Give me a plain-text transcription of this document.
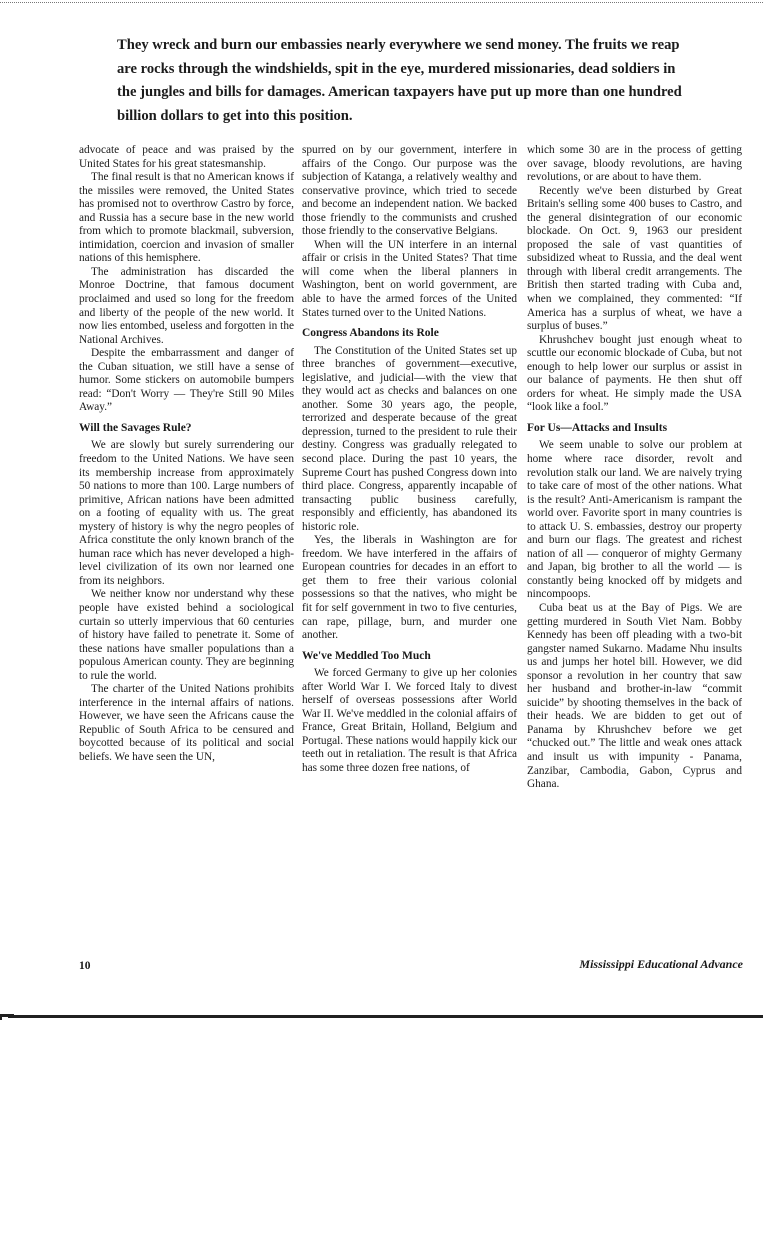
They wreck and burn our embassies nearly everywhere we send money. The fruits we reap are rocks through the windshields, spit in the eye, murdered missionaries, dead soldiers in the jungles and bills for damages. American taxpayers have put up more than one hundred billion dollars to get into this position.

advocate of peace and was praised by the United States for his great statesmanship.

The final result is that no American knows if the missiles were removed, the United States has promised not to overthrow Castro by force, and Russia has a secure base in the new world from which to promote blackmail, subversion, intimidation, coercion and invasion of smaller nations of this hemisphere.

The administration has discarded the Monroe Doctrine, that famous document proclaimed and used so long for the freedom and liberty of the people of the new world. It now lies entombed, useless and forgotten in the National Archives.

Despite the embarrassment and danger of the Cuban situation, we still have a sense of humor. Some stickers on automobile bumpers read: “Don't Worry — They're Still 90 Miles Away.”

Will the Savages Rule?

We are slowly but surely surrendering our freedom to the United Nations. We have seen its membership increase from approximately 50 nations to more than 100. Large numbers of primitive, African nations have been admitted on a footing of equality with us. The great mystery of history is why the negro peoples of Africa constitute the only known branch of the human race which has never developed a high-level civilization of its own nor learned one from its neighbors.

We neither know nor understand why these people have existed behind a sociological curtain so utterly impervious that 60 centuries of history have failed to penetrate it. Some of these nations have smaller populations than a populous American county. They are beginning to rule the world.

The charter of the United Nations prohibits interference in the internal affairs of nations. However, we have seen the Africans cause the Republic of South Africa to be censured and boycotted because of its political and social beliefs. We have seen the UN,

spurred on by our government, interfere in affairs of the Congo. Our purpose was the subjection of Katanga, a relatively wealthy and conservative province, which tried to secede and become an independent nation. We backed those friendly to the communists and crushed those friendly to the conservative Belgians.

When will the UN interfere in an internal affair or crisis in the United States? That time will come when the liberal planners in Washington, bent on world government, are able to have the armed forces of the United States turned over to the United Nations.

Congress Abandons its Role

The Constitution of the United States set up three branches of government—executive, legislative, and judicial—with the view that they would act as checks and balances on one another. Some 30 years ago, the people, terrorized and desperate because of the great depression, turned to the president to rule their destiny. Congress was gradually relegated to second place. During the past 10 years, the Supreme Court has pushed Congress down into third place. Congress, apparently incapable of transacting public business carefully, responsibly and efficiently, has abandoned its historic role.

Yes, the liberals in Washington are for freedom. We have interfered in the affairs of European countries for decades in an effort to get them to free their various colonial possessions so that the natives, who might be fit for self government in two to five centuries, can rape, pillage, burn, and murder one another.

We've Meddled Too Much

We forced Germany to give up her colonies after World War I. We forced Italy to divest herself of overseas possessions after World War II. We've meddled in the colonial affairs of France, Great Britain, Holland, Belgium and Portugal. These nations would happily kick our teeth out in retaliation. The result is that Africa has some three dozen free nations, of

which some 30 are in the process of getting over savage, bloody revolutions, are having revolutions, or are about to have them.

Recently we've been disturbed by Great Britain's selling some 400 buses to Castro, and the general disintegration of our economic blockade. On Oct. 9, 1963 our president proposed the sale of vast quantities of subsidized wheat to Russia, and the deal went through with liberal credit arrangements. The British then started trading with Cuba and, when we complained, they commented: “If America has a surplus of wheat, we have a surplus of buses.”

Khrushchev bought just enough wheat to scuttle our economic blockade of Cuba, but not enough to help lower our surplus or assist in our balance of payments. He then shut off orders for wheat. He simply made the USA “look like a fool.”

For Us—Attacks and Insults

We seem unable to solve our problem at home where race disorder, revolt and revolution stalk our land. We are naively trying to take care of most of the other nations. What is the result? Anti-Americanism is rampant the world over. Favorite sport in many countries is to attack U. S. embassies, destroy our property and burn our flags. The greatest and richest nation of all — conqueror of mighty Germany and Japan, big brother to all the world — is constantly being knocked off by midgets and nincompoops.

Cuba beat us at the Bay of Pigs. We are getting murdered in South Viet Nam. Bobby Kennedy has been off pleading with a two-bit gangster named Sukarno. Madame Nhu insults us and jumps her hotel bill. However, we did sponsor a revolution in her country that saw her husband and brother-in-law “commit suicide” by shooting themselves in the back of their heads. We are bidden to get out of Panama by Khrushchev before we get “chucked out.” The little and weak ones attack and insult us with impunity - Panama, Zanzibar, Cambodia, Gabon, Cyprus and Ghana.

10	Mississippi Educational Advance
